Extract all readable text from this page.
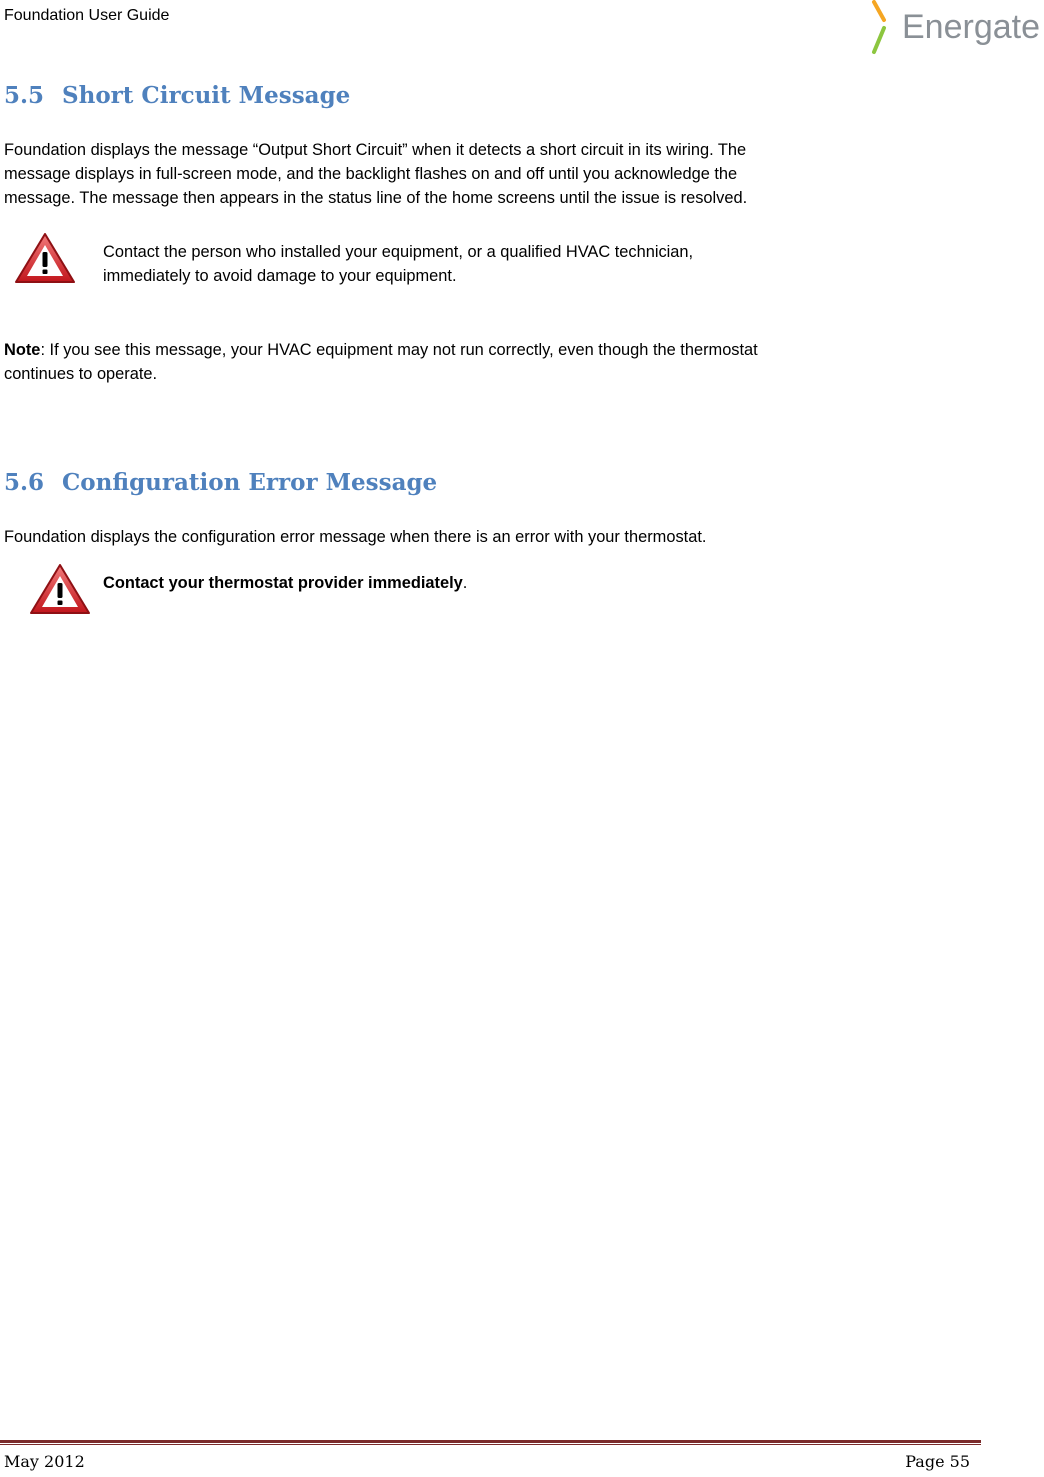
Foundation User Guide	Energate
5.5 Short Circuit Message

Foundation displays the message “Output Short Circuit” when it detects a short circuit in its wiring. The

message displays in full-screen mode, and the backlight flashes on and off until you acknowledge the

message. The message then appears in the status line of the home screens until the issue is resolved.

Contact the person who installed your equipment, or a qualified HVAC technician,

immediately to avoid damage to your equipment.

Note: If you see this message, your HVAC equipment may not run correctly, even though the thermostat

continues to operate.

5.6 Configuration Error Message

Foundation displays the configuration error message when there is an error with your thermostat.

Contact your thermostat provider immediately.

May 2012	Page 55
